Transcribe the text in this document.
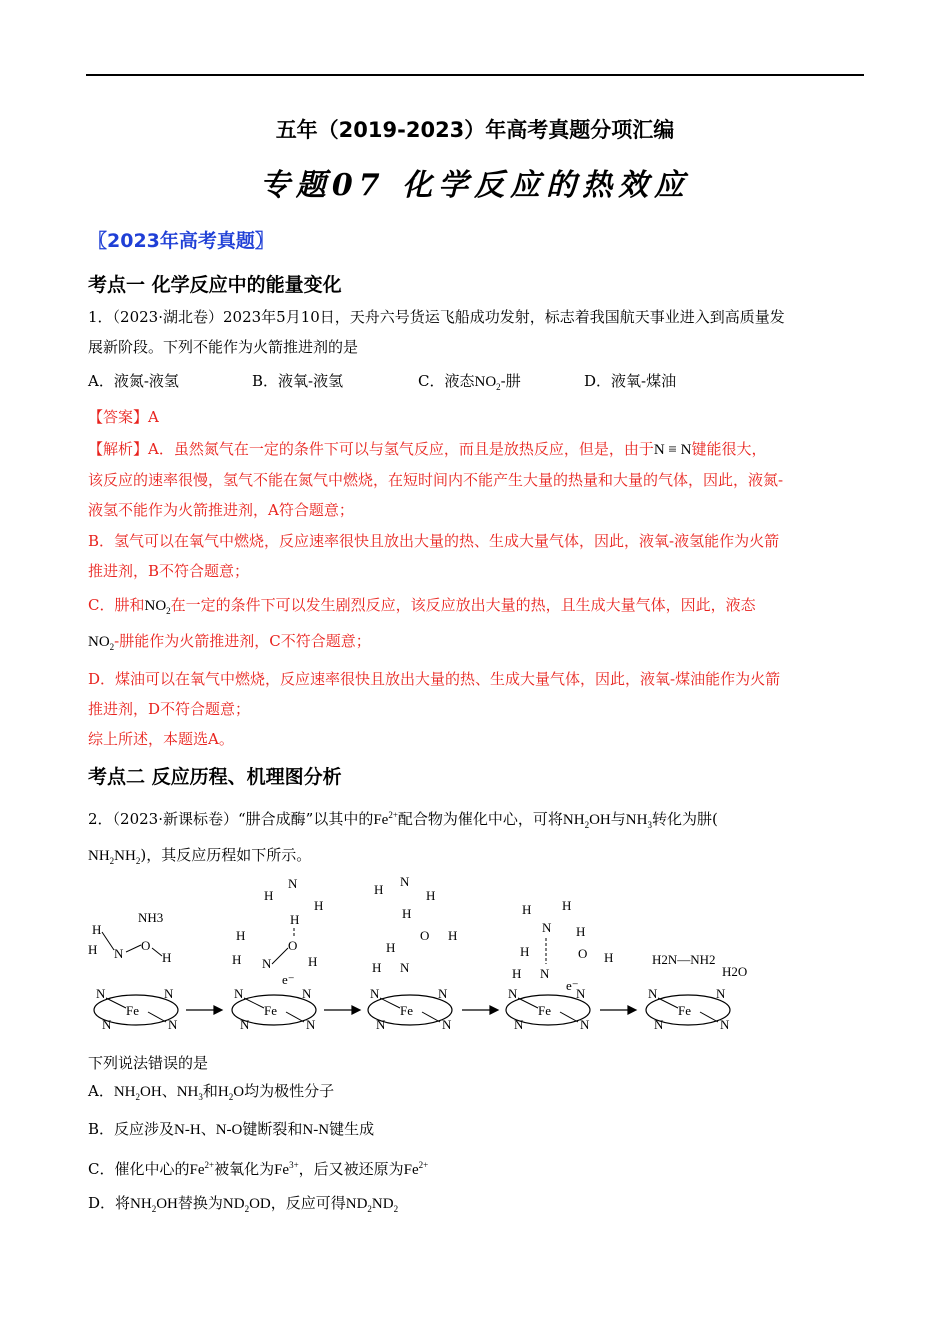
五年（2019-2023）年高考真题分项汇编
专题07 化学反应的热效应
〖2023年高考真题〗
考点一 化学反应中的能量变化
1．（2023·湖北卷）2023年5月10日，天舟六号货运飞船成功发射，标志着我国航天事业进入到高质量发
展新阶段。下列不能作为火箭推进剂的是
A．液氮-液氢	B．液氧-液氢	C．液态$NO_2-$肼	D．液氧-煤油
【答案】A
【解析】A．虽然氮气在一定的条件下可以与氢气反应，而且是放热反应，但是，由于N ≡ N键能很大，
该反应的速率很慢，氢气不能在氮气中燃烧，在短时间内不能产生大量的热量和大量的气体，因此，液氮-
液氢不能作为火箭推进剂，A符合题意；
B．氢气可以在氧气中燃烧，反应速率很快且放出大量的热、生成大量气体，因此，液氧-液氢能作为火箭
推进剂，B不符合题意；
C．肼和$NO_2$在一定的条件下可以发生剧烈反应，该反应放出大量的热，且生成大量气体，因此，液态
$NO_2-$肼能作为火箭推进剂，C不符合题意；
D．煤油可以在氧气中燃烧，反应速率很快且放出大量的热、生成大量气体，因此，液氧-煤油能作为火箭
推进剂，D不符合题意；
综上所述，本题选A。
考点二 反应历程、机理图分析
2．（2023·新课标卷）“肼合成酶”以其中的$Fe^{2+}$配合物为催化中心，可将$NH_2OH$与$NH_3$转化为肼(
$NH_2NH_2$)，其反应历程如下所示。
Fe
N	N
N	N
Fe
N	N
N	N
Fe
N	N
N	N
Fe
N	N
N	N
Fe
N	N
N	N
NH3
H
H N
O
H
H
N
H
H
O
H
H
H N
e⁻
H
N
H
H
O H
H
H N
H H
N H
O H
H
H N
e⁻
H2N—NH2
H2O
下列说法错误的是
A．$NH_2OH$、$NH_3$和$H_2O$均为极性分子
B．反应涉及N-H、N-O键断裂和N-N键生成
C．催化中心的$Fe^{2+}$被氧化为$Fe^{3+}$，后又被还原为$Fe^{2+}$
D．将$NH_2OH$替换为$ND_2OD$，反应可得$ND_2ND_2$
